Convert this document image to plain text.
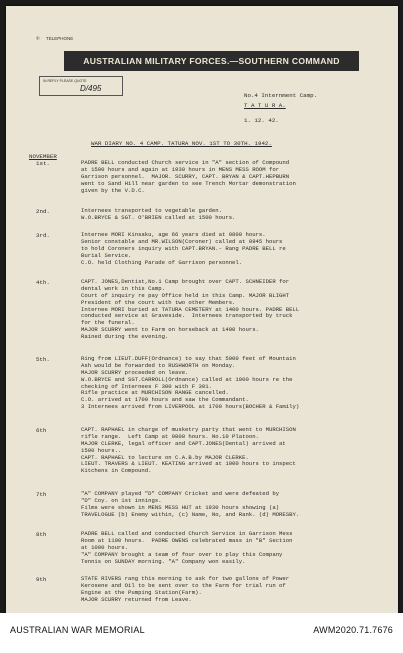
✆ TELEPHONE
AUSTRALIAN MILITARY FORCES.—SOUTHERN COMMAND
IN REPLY PLEASE QUOTE
D/495
No.4 Internment Camp.
T A T U R A.
1. 12. 42.
WAR DIARY NO. 4 CAMP. TATURA NOV. 1ST TO 30TH. 1942.
NOVEMBER
1st.	PADRE BELL conducted Church service in "A" section of Compound
at 1500 hours and again at 1930 hours in MENS MESS ROOM for
Garrison personnel.  MAJOR. SCURRY, CAPT. BRYAN & CAPT.HEPBURN
went to Sand Hill near garden to see Trench Mortar demonstration
given by the V.D.C.
2nd.	Internees transported to vegetable garden.
W.O.BRYCE & SGT. O'BRIEN called at 1500 hours.
3rd.	Internee MORI Kinsaku, age 66 years died at 0800 hours.
Senior constable and MR.WILSON(Coroner) called at 0945 hours
to hold Coroners inquiry with CAPT.BRYAN.- Rang PADRE BELL re
Burial Service.
C.O. held Clothing Parade of Garrison personnel.
4th.	CAPT. JONES,Dentist,No.1 Camp brought over CAPT. SCHNEIDER for
dental work in this Camp.
Court of inquiry re pay Office held in this Camp. MAJOR BLIGHT
President of the court with two other Members.
Internee MORI buried at TATURA CEMETERY at 1400 hours. PADRE BELL
conducted service at Graveside.  Internees transported by truck
for the funeral.
MAJOR SCURRY went to Farm on horseback at 1400 hours.
Rained during the evening.
5th.	Ring from LIEUT.DUFF(Ordnance) to say that 5000 feet of Mountain
Ash would be forwarded to RUSHWORTH on Monday.
MAJOR SCURRY proceeded on leave.
W.O.BRYCE and SGT.CARROLL(Ordnance) called at 1000 hours re the
checking of Internees F 300 with F 301.
Rifle practice at MURCHISON RANGE cancelled.
C.O. arrived at 1700 hours and saw the Commandant.
3 Internees arrived from LIVERPOOL at 1700 hours(BOCHER & Family)
6th	CAPT. RAPHAEL in charge of musketry party that went to MURCHISON
rifle range.  Left Camp at 0800 hours. No.10 Platoon.
MAJOR CLERKE, legal officer and CAPT.JONES(Dental) arrived at
1500 hours..
CAPT. RAPHAEL to lecture on C.A.B.by MAJOR CLERKE.
LIEUT. TRAVERS & LIEUT. KEATING arrived at 1000 hours to inspect
Kitchens in Compound.
7th	"A" COMPANY played "D" COMPANY Cricket and were defeated by
"D" Coy. on 1st innings.
Films were shown in MENS MESS HUT at 1930 hours showing (a)
TRAVELOGUE (b) Enemy within, (c) Name, No, and Rank. (d) MORESBY.
8th	PADRE BELL called and conducted Church Service in Garrison Mess
Room at 1100 hours.  PADRE OWENS celebrated mass in "B" Section
at 1000 hours.
"A" COMPANY brought a team of four over to play this Company
Tennis on SUNDAY morning. "A" Company won easily.
9th	STATE RIVERS rang this morning to ask for two gallons of Power
Kerosene and Oil to be sent over to the Farm for trial run of
Engine at the Pumping Station(Farm).
MAJOR SCURRY returned from Leave.
AUSTRALIAN WAR MEMORIAL	AWM2020.71.7676
